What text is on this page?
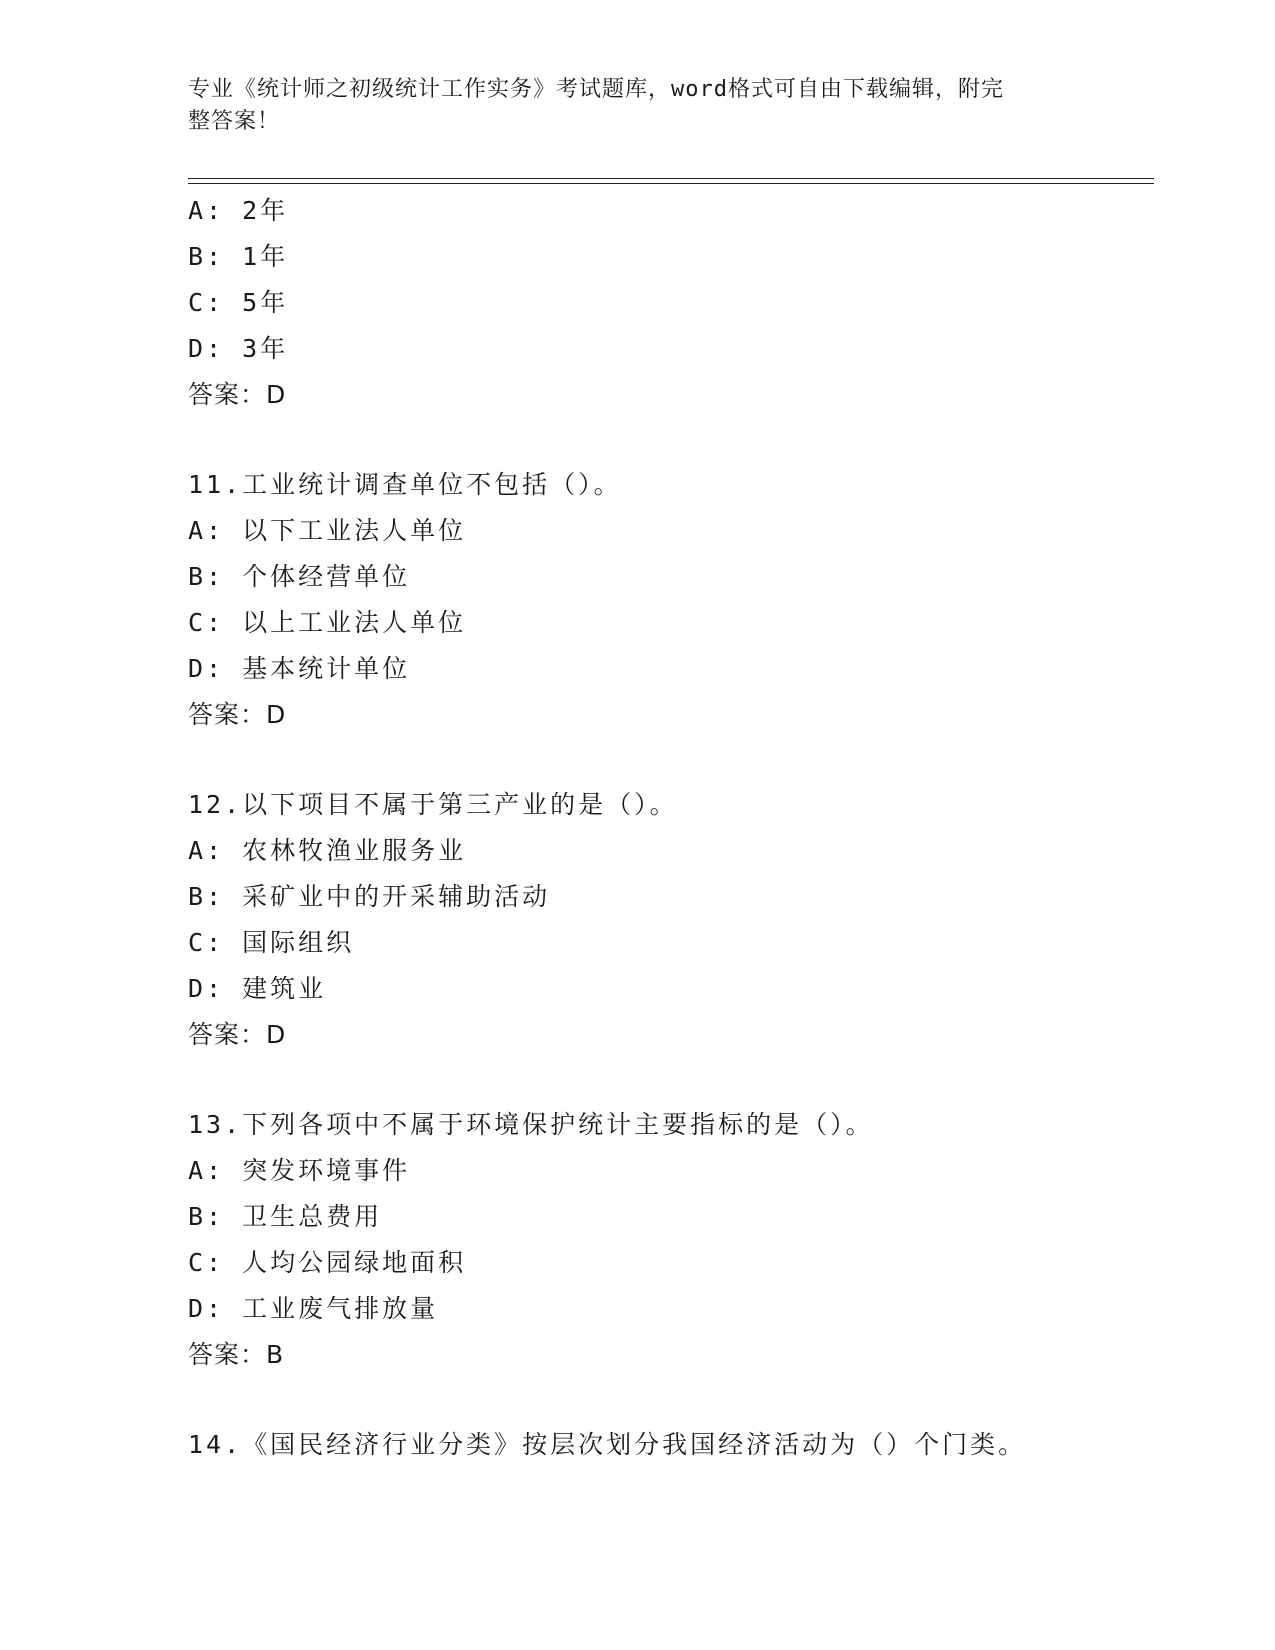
专业《统计师之初级统计工作实务》考试题库，word格式可自由下载编辑，附完
整答案！
A: 2年
B: 1年
C: 5年
D: 3年
答案：D
11.工业统计调查单位不包括（）。
A: 以下工业法人单位
B: 个体经营单位
C: 以上工业法人单位
D: 基本统计单位
答案：D
12.以下项目不属于第三产业的是（）。
A: 农林牧渔业服务业
B: 采矿业中的开采辅助活动
C: 国际组织
D: 建筑业
答案：D
13.下列各项中不属于环境保护统计主要指标的是（）。
A: 突发环境事件
B: 卫生总费用
C: 人均公园绿地面积
D: 工业废气排放量
答案：B
14.《国民经济行业分类》按层次划分我国经济活动为（）个门类。
